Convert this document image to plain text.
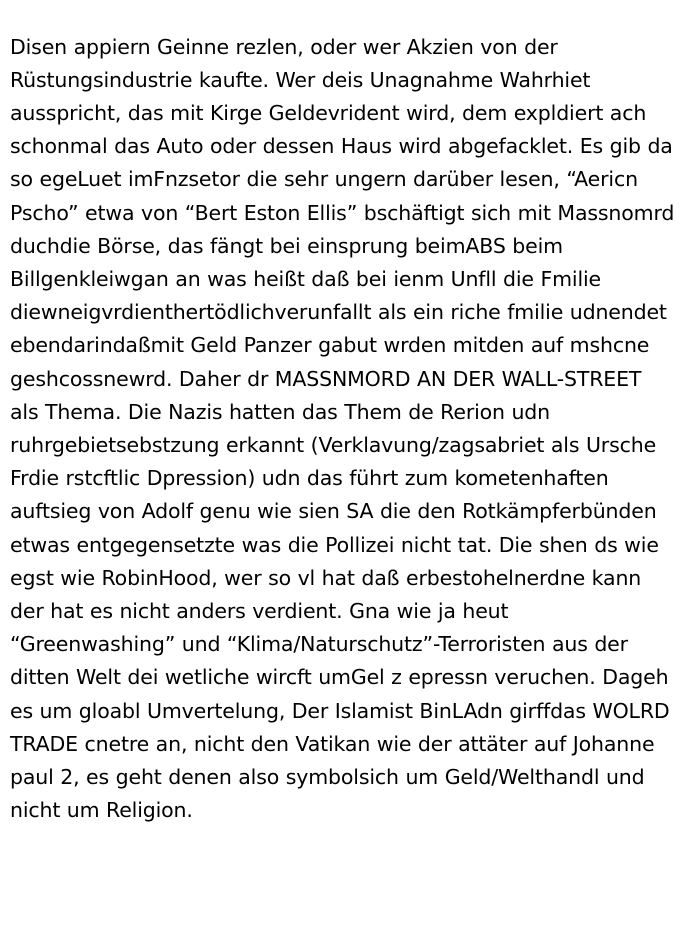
Disen appiern Geinne rezlen, oder wer Akzien von der Rüstungsindustrie kaufte. Wer deis Unagnahme Wahrhiet ausspricht, das mit Kirge Geldevrident wird, dem expldiert ach schonmal das Auto oder dessen Haus wird abgefacklet. Es gib da so egeLuet imFnzsetor die sehr ungern darüber lesen, “Aericn Pscho” etwa von “Bert Eston Ellis” bschäftigt sich mit Massnomrd duchdie Börse, das fängt bei einsprung beimABS beim Billgenkleiwgan an was heißt daß bei ienm Unfll die Fmilie diewneigvrdienthertödlichverunfallt als ein riche fmilie udnendet ebendarindaßmit Geld Panzer gabut wrden mitden auf mshcne geshcossnewrd. Daher dr MASSNMORD AN DER WALL-STREET als Thema. Die Nazis hatten das Them de Rerion udn ruhrgebietsebstzung erkannt (Verklavung/zagsabriet als Ursche Frdie rstcftlic Dpression) udn das führt zum kometenhaften auftsieg von Adolf genu wie sien SA die den Rotkämpferbünden etwas entgegensetzte was die Pollizei nicht tat. Die shen ds wie egst wie RobinHood, wer so vl hat daß erbestohelnerdne kann der hat es nicht anders verdient. Gna wie ja heut “Greenwashing” und “Klima/Naturschutz”-Terroristen aus der ditten Welt dei wetliche wircft umGel z epressn veruchen. Dageh es um gloabl Umvertelung, Der Islamist BinLAdn girffdas WOLRD TRADE cnetre an, nicht den Vatikan wie der attäter auf Johanne paul 2, es geht denen also symbolsich um Geld/Welthandl und nicht um Religion.
